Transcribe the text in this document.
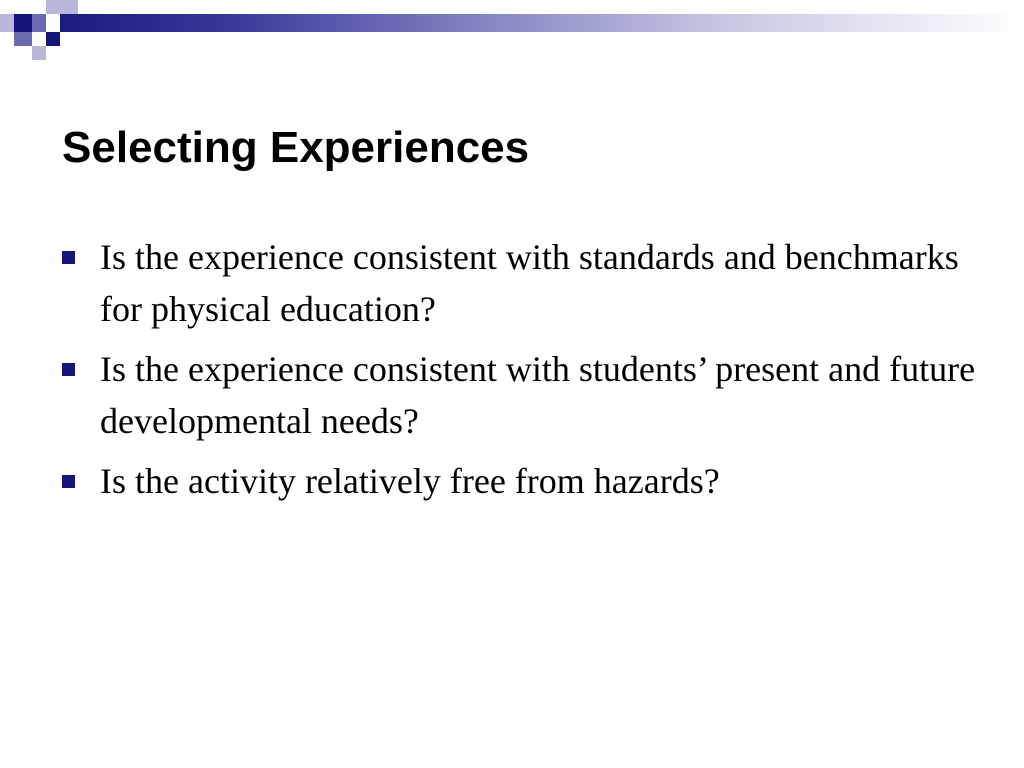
Selecting Experiences
Is the experience consistent with standards and benchmarks for physical education?
Is the experience consistent with students’ present and future developmental needs?
Is the activity relatively free from hazards?
